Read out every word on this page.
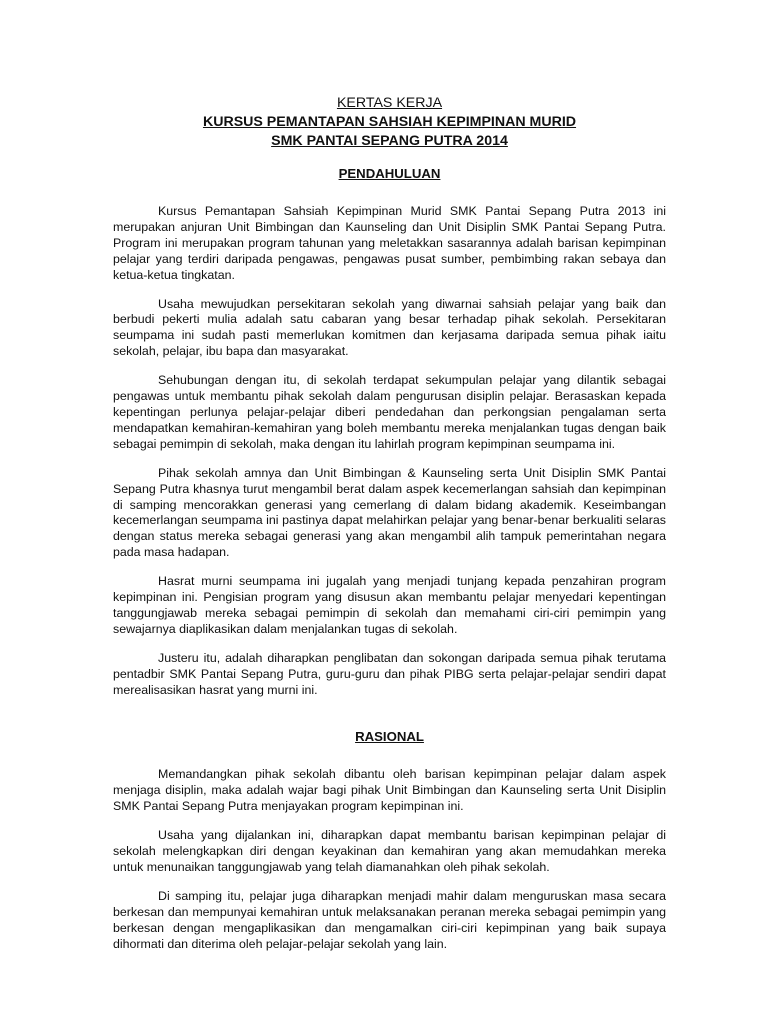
KERTAS KERJA
KURSUS PEMANTAPAN SAHSIAH KEPIMPINAN MURID
SMK PANTAI SEPANG PUTRA 2014
PENDAHULUAN

Kursus Pemantapan Sahsiah Kepimpinan Murid SMK Pantai Sepang Putra 2013 ini merupakan anjuran Unit Bimbingan dan Kaunseling dan Unit Disiplin SMK Pantai Sepang Putra. Program ini merupakan program tahunan yang meletakkan sasarannya adalah barisan kepimpinan pelajar yang terdiri daripada pengawas, pengawas pusat sumber, pembimbing rakan sebaya dan ketua-ketua tingkatan.

Usaha mewujudkan persekitaran sekolah yang diwarnai sahsiah pelajar yang baik dan berbudi pekerti mulia adalah satu cabaran yang besar terhadap pihak sekolah. Persekitaran seumpama ini sudah pasti memerlukan komitmen dan kerjasama daripada semua pihak iaitu sekolah, pelajar, ibu bapa dan masyarakat.

Sehubungan dengan itu, di sekolah terdapat sekumpulan pelajar yang dilantik sebagai pengawas untuk membantu pihak sekolah dalam pengurusan disiplin pelajar. Berasaskan kepada kepentingan perlunya pelajar-pelajar diberi pendedahan dan perkongsian pengalaman serta mendapatkan kemahiran-kemahiran yang boleh membantu mereka menjalankan tugas dengan baik sebagai pemimpin di sekolah, maka dengan itu lahirlah program kepimpinan seumpama ini.

Pihak sekolah amnya dan Unit Bimbingan & Kaunseling serta Unit Disiplin SMK Pantai Sepang Putra khasnya turut mengambil berat dalam aspek kecemerlangan sahsiah dan kepimpinan di samping mencorakkan generasi yang cemerlang di dalam bidang akademik. Keseimbangan kecemerlangan seumpama ini pastinya dapat melahirkan pelajar yang benar-benar berkualiti selaras dengan status mereka sebagai generasi yang akan mengambil alih tampuk pemerintahan negara pada masa hadapan.

Hasrat murni seumpama ini jugalah yang menjadi tunjang kepada penzahiran program kepimpinan ini. Pengisian program yang disusun akan membantu pelajar menyedari kepentingan tanggungjawab mereka sebagai pemimpin di sekolah dan memahami ciri-ciri pemimpin yang sewajarnya diaplikasikan dalam menjalankan tugas di sekolah.

Justeru itu, adalah diharapkan penglibatan dan sokongan daripada semua pihak terutama pentadbir SMK Pantai Sepang Putra, guru-guru dan pihak PIBG serta pelajar-pelajar sendiri dapat merealisasikan hasrat yang murni ini.

RASIONAL

Memandangkan pihak sekolah dibantu oleh barisan kepimpinan pelajar dalam aspek menjaga disiplin, maka adalah wajar bagi pihak Unit Bimbingan dan Kaunseling serta Unit Disiplin SMK Pantai Sepang Putra menjayakan program kepimpinan ini.

Usaha yang dijalankan ini, diharapkan dapat membantu barisan kepimpinan pelajar di sekolah melengkapkan diri dengan keyakinan dan kemahiran yang akan memudahkan mereka untuk menunaikan tanggungjawab yang telah diamanahkan oleh pihak sekolah.

Di samping itu, pelajar juga diharapkan menjadi mahir dalam menguruskan masa secara berkesan dan mempunyai kemahiran untuk melaksanakan peranan mereka sebagai pemimpin yang berkesan dengan mengaplikasikan dan mengamalkan ciri-ciri kepimpinan yang baik supaya dihormati dan diterima oleh pelajar-pelajar sekolah yang lain.
